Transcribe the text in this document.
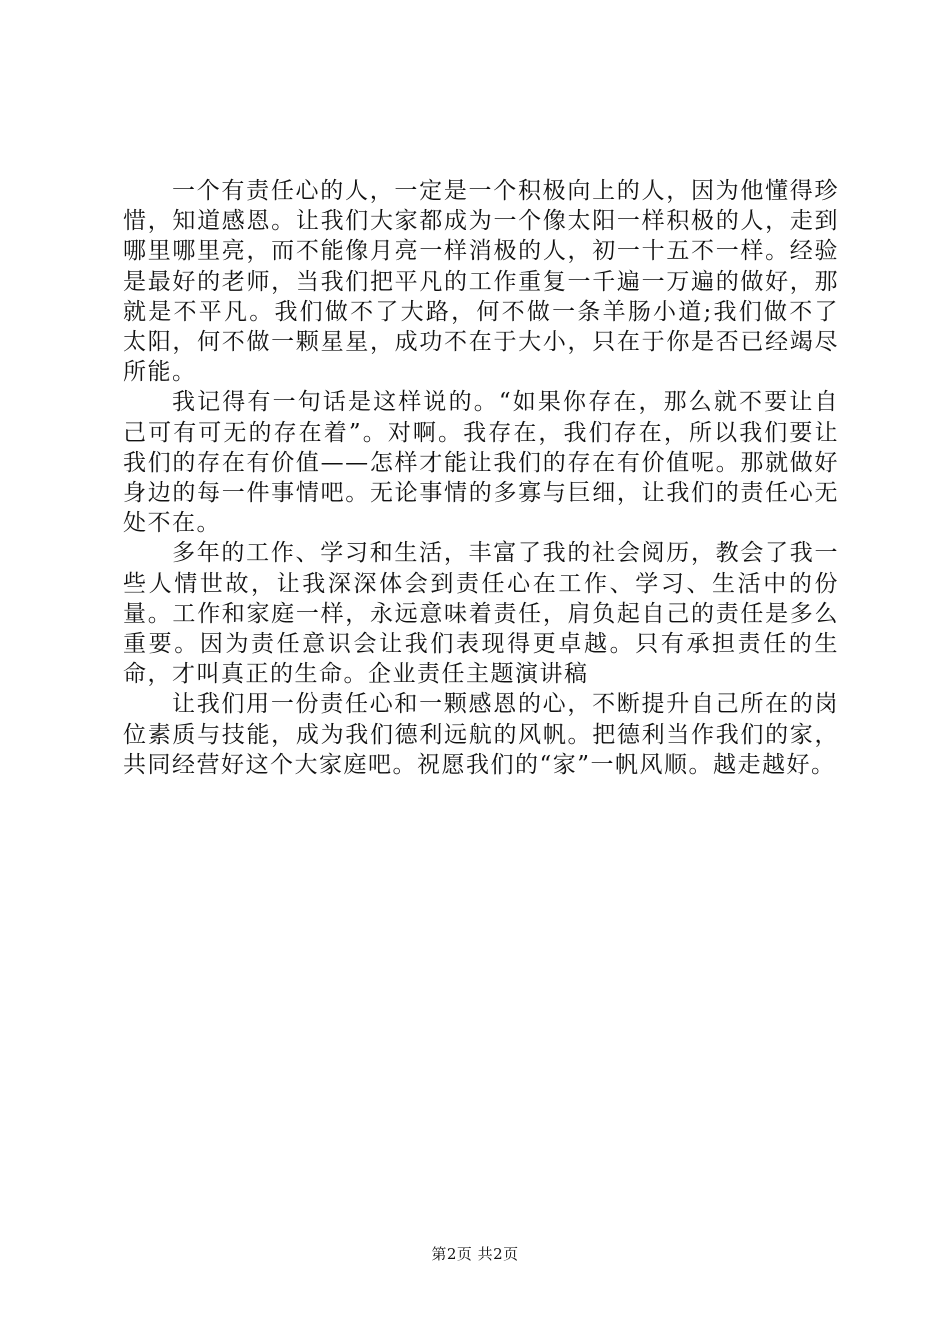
一个有责任心的人，一定是一个积极向上的人，因为他懂得珍惜，知道感恩。让我们大家都成为一个像太阳一样积极的人，走到哪里哪里亮，而不能像月亮一样消极的人，初一十五不一样。经验是最好的老师，当我们把平凡的工作重复一千遍一万遍的做好，那就是不平凡。我们做不了大路，何不做一条羊肠小道;我们做不了太阳，何不做一颗星星，成功不在于大小，只在于你是否已经竭尽所能。

我记得有一句话是这样说的。“如果你存在，那么就不要让自己可有可无的存在着”。对啊。我存在，我们存在，所以我们要让我们的存在有价值——怎样才能让我们的存在有价值呢。那就做好身边的每一件事情吧。无论事情的多寡与巨细，让我们的责任心无处不在。

多年的工作、学习和生活，丰富了我的社会阅历，教会了我一些人情世故，让我深深体会到责任心在工作、学习、生活中的份量。工作和家庭一样，永远意味着责任，肩负起自己的责任是多么重要。因为责任意识会让我们表现得更卓越。只有承担责任的生命，才叫真正的生命。企业责任主题演讲稿

让我们用一份责任心和一颗感恩的心，不断提升自己所在的岗位素质与技能，成为我们德利远航的风帆。把德利当作我们的家，共同经营好这个大家庭吧。祝愿我们的“家”一帆风顺。越走越好。

第2页 共2页
